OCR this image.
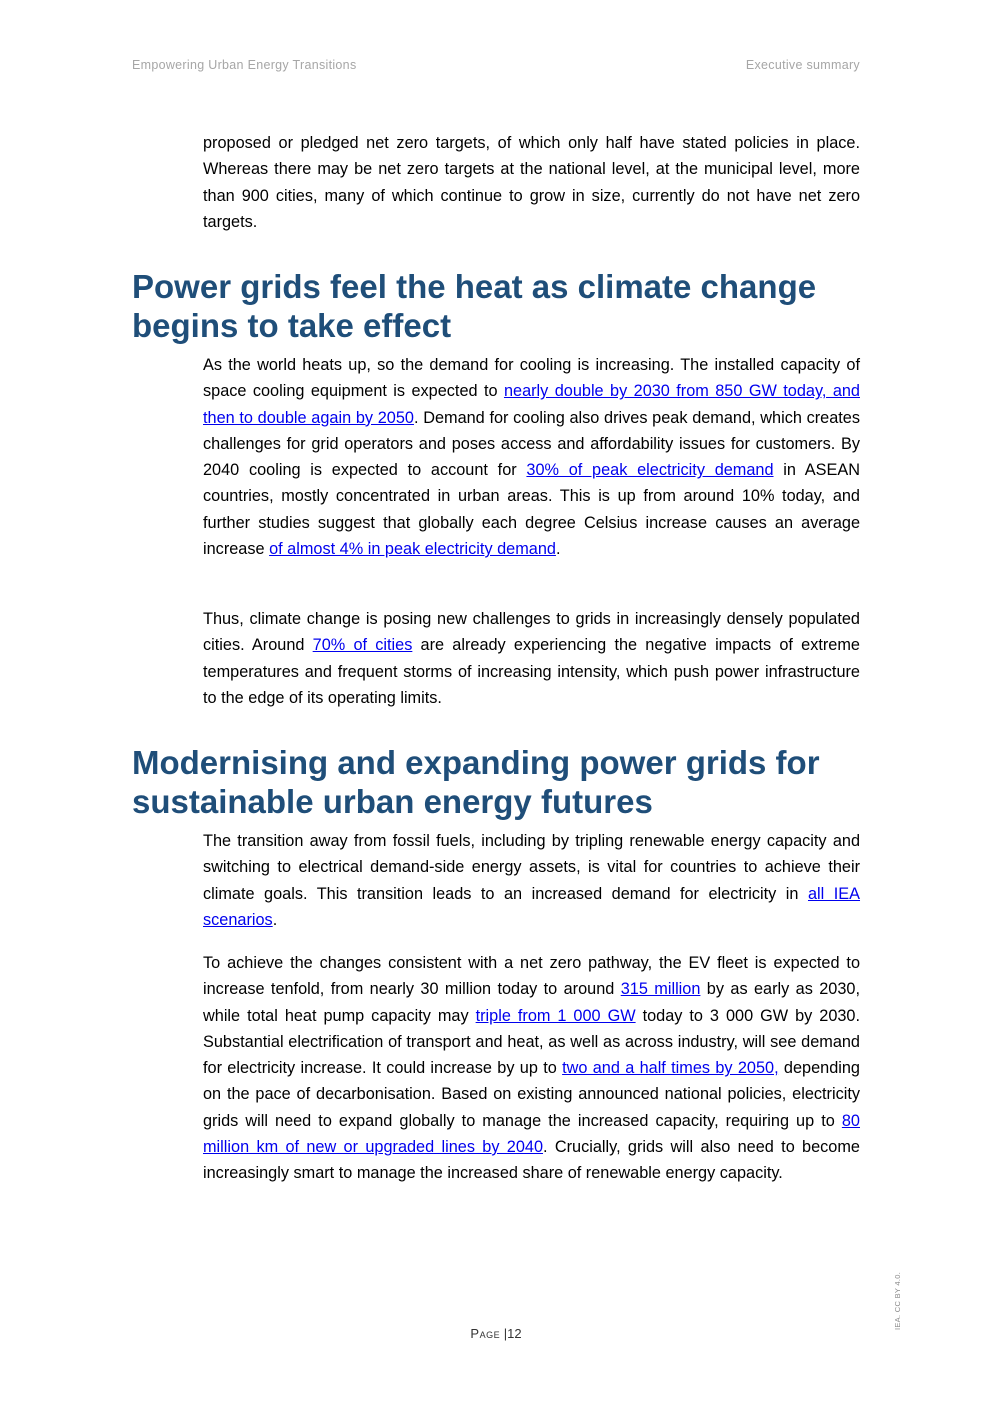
Empowering Urban Energy Transitions	Executive summary

proposed or pledged net zero targets, of which only half have stated policies in place. Whereas there may be net zero targets at the national level, at the municipal level, more than 900 cities, many of which continue to grow in size, currently do not have net zero targets.

Power grids feel the heat as climate change begins to take effect

As the world heats up, so the demand for cooling is increasing. The installed capacity of space cooling equipment is expected to nearly double by 2030 from 850 GW today, and then to double again by 2050. Demand for cooling also drives peak demand, which creates challenges for grid operators and poses access and affordability issues for customers. By 2040 cooling is expected to account for 30% of peak electricity demand in ASEAN countries, mostly concentrated in urban areas. This is up from around 10% today, and further studies suggest that globally each degree Celsius increase causes an average increase of almost 4% in peak electricity demand.

Thus, climate change is posing new challenges to grids in increasingly densely populated cities. Around 70% of cities are already experiencing the negative impacts of extreme temperatures and frequent storms of increasing intensity, which push power infrastructure to the edge of its operating limits.

Modernising and expanding power grids for sustainable urban energy futures

The transition away from fossil fuels, including by tripling renewable energy capacity and switching to electrical demand-side energy assets, is vital for countries to achieve their climate goals. This transition leads to an increased demand for electricity in all IEA scenarios.

To achieve the changes consistent with a net zero pathway, the EV fleet is expected to increase tenfold, from nearly 30 million today to around 315 million by as early as 2030, while total heat pump capacity may triple from 1 000 GW today to 3 000 GW by 2030. Substantial electrification of transport and heat, as well as across industry, will see demand for electricity increase. It could increase by up to two and a half times by 2050, depending on the pace of decarbonisation. Based on existing announced national policies, electricity grids will need to expand globally to manage the increased capacity, requiring up to 80 million km of new or upgraded lines by 2040. Crucially, grids will also need to become increasingly smart to manage the increased share of renewable energy capacity.

Page |12
IEA. CC BY 4.0.
